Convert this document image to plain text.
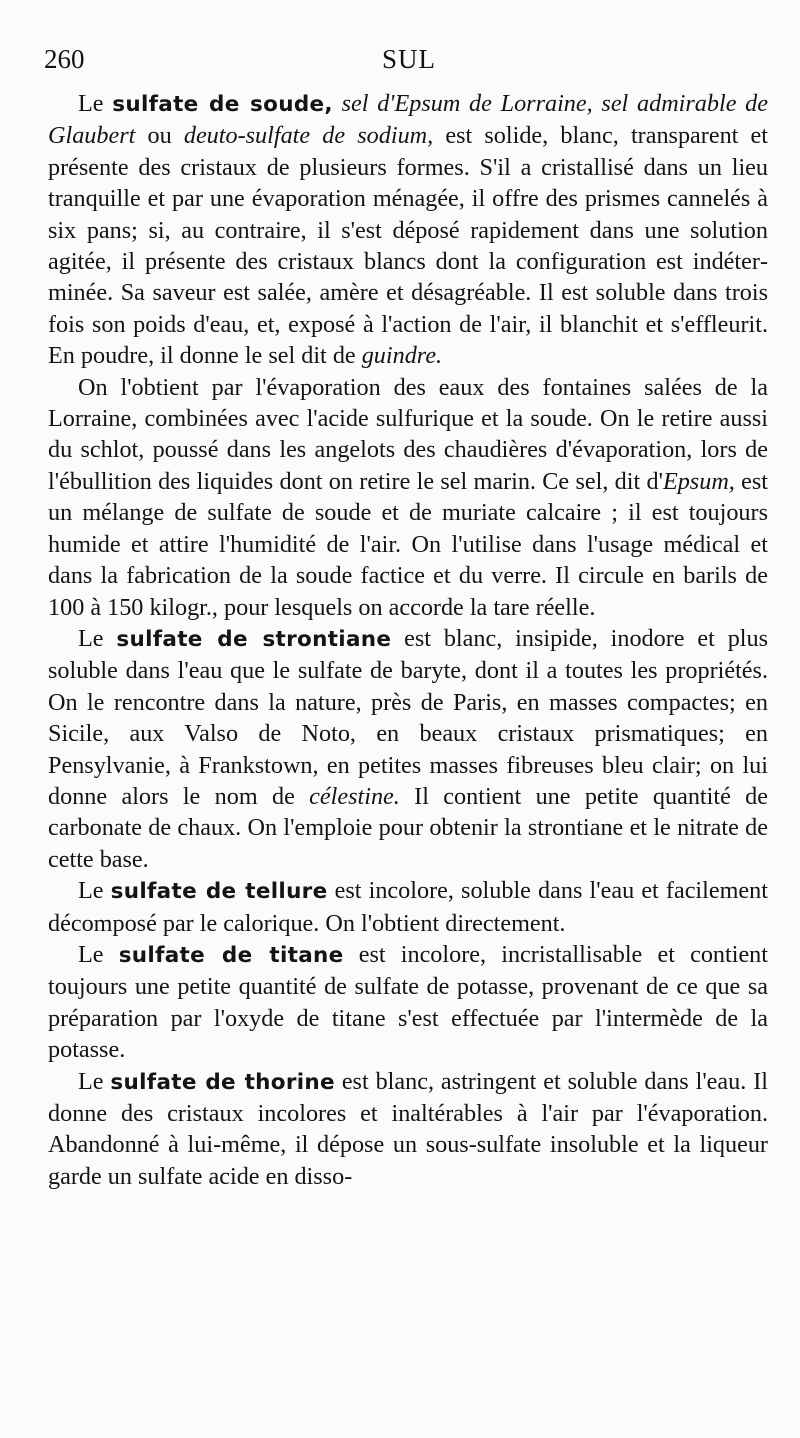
260	SUL

Le sulfate de soude, sel d'Epsum de Lorraine, sel admirable de Glaubert ou deuto-sulfate de sodium, est solide, blanc, transparent et présente des cristaux de plusieurs formes. S'il a cristallisé dans un lieu tranquille et par une évaporation ménagée, il offre des prismes cannelés à six pans; si, au contraire, il s'est déposé rapidement dans une solution agitée, il présente des cristaux blancs dont la configuration est indéterminée. Sa saveur est salée, amère et désagréable. Il est soluble dans trois fois son poids d'eau, et, exposé à l'action de l'air, il blanchit et s'effleurit. En poudre, il donne le sel dit de guindre.

On l'obtient par l'évaporation des eaux des fontaines salées de la Lorraine, combinées avec l'acide sulfurique et la soude. On le retire aussi du schlot, poussé dans les angelots des chaudières d'évaporation, lors de l'ébullition des liquides dont on retire le sel marin. Ce sel, dit d'Epsum, est un mélange de sulfate de soude et de muriate calcaire ; il est toujours humide et attire l'humidité de l'air. On l'utilise dans l'usage médical et dans la fabrication de la soude factice et du verre. Il circule en barils de 100 à 150 kilogr., pour lesquels on accorde la tare réelle.

Le sulfate de strontiane est blanc, insipide, inodore et plus soluble dans l'eau que le sulfate de baryte, dont il a toutes les propriétés. On le rencontre dans la nature, près de Paris, en masses compactes; en Sicile, aux Valso de Noto, en beaux cristaux prismatiques; en Pensylvanie, à Frankstown, en petites masses fibreuses bleu clair; on lui donne alors le nom de célestine. Il contient une petite quantité de carbonate de chaux. On l'emploie pour obtenir la strontiane et le nitrate de cette base.

Le sulfate de tellure est incolore, soluble dans l'eau et facilement décomposé par le calorique. On l'obtient directement.

Le sulfate de titane est incolore, incristallisable et contient toujours une petite quantité de sulfate de potasse, provenant de ce que sa préparation par l'oxyde de titane s'est effectuée par l'intermède de la potasse.

Le sulfate de thorine est blanc, astringent et soluble dans l'eau. Il donne des cristaux incolores et inaltérables à l'air par l'évaporation. Abandonné à lui-même, il dépose un sous-sulfate insoluble et la liqueur garde un sulfate acide en disso-
